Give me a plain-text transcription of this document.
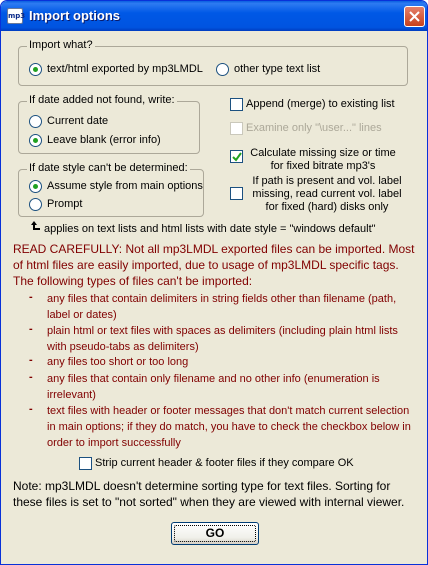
mp3 Import options
Import what?
text/html exported by mp3LMDL	other type text list
If date added not found, write:
Current date
Leave blank (error info)
If date style can't be determined:
Assume style from main options
Prompt
Append (merge) to existing list
Examine only "\user..." lines
Calculate missing size or time
for fixed bitrate mp3's
If path is present and vol. label
missing, read current vol. label
for fixed (hard) disks only
applies on text lists and html lists with date style = "windows default"
READ CAREFULLY: Not all mp3LMDL exported files can be imported. Most of html files are easily imported, due to usage of mp3LMDL specific tags. The following types of files can't be imported:
-	any files that contain delimiters in string fields other than filename (path, label or dates)
-	plain html or text files with spaces as delimiters (including plain html lists with pseudo-tabs as delimiters)
-	any files too short or too long
-	any files that contain only filename and no other info (enumeration is irrelevant)
-	text files with header or footer messages that don't match current selection in main options; if they do match, you have to check the checkbox below in order to import successfully
Strip current header & footer files if they compare OK
Note: mp3LMDL doesn't determine sorting type for text files. Sorting for these files is set to "not sorted" when they are viewed with internal viewer.
GO
